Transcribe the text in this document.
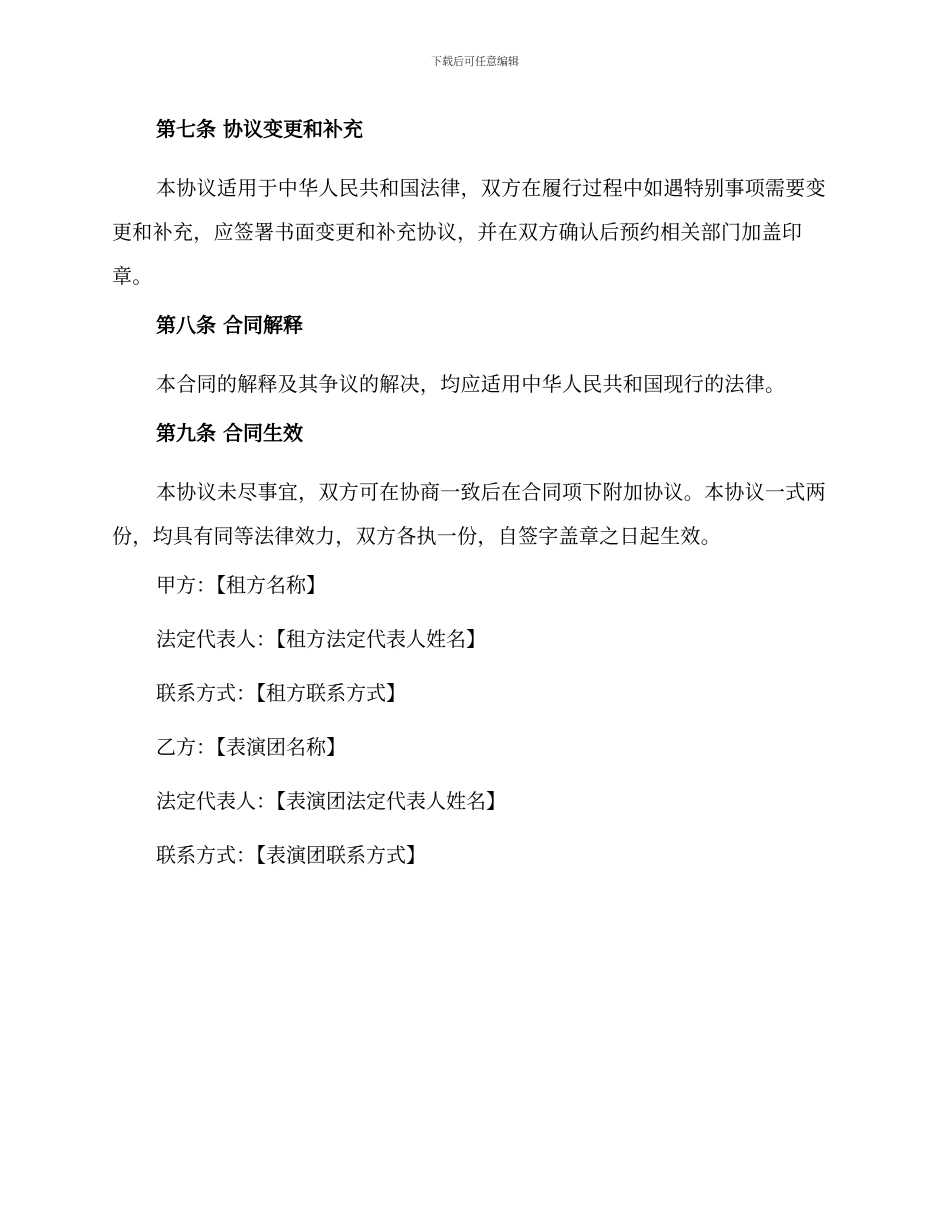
下载后可任意编辑
第七条 协议变更和补充
本协议适用于中华人民共和国法律，双方在履行过程中如遇特别事项需要变更和补充，应签署书面变更和补充协议，并在双方确认后预约相关部门加盖印章。
第八条 合同解释
本合同的解释及其争议的解决，均应适用中华人民共和国现行的法律。
第九条 合同生效
本协议未尽事宜，双方可在协商一致后在合同项下附加协议。本协议一式两份，均具有同等法律效力，双方各执一份，自签字盖章之日起生效。
甲方：【租方名称】
法定代表人：【租方法定代表人姓名】
联系方式：【租方联系方式】
乙方：【表演团名称】
法定代表人：【表演团法定代表人姓名】
联系方式：【表演团联系方式】
